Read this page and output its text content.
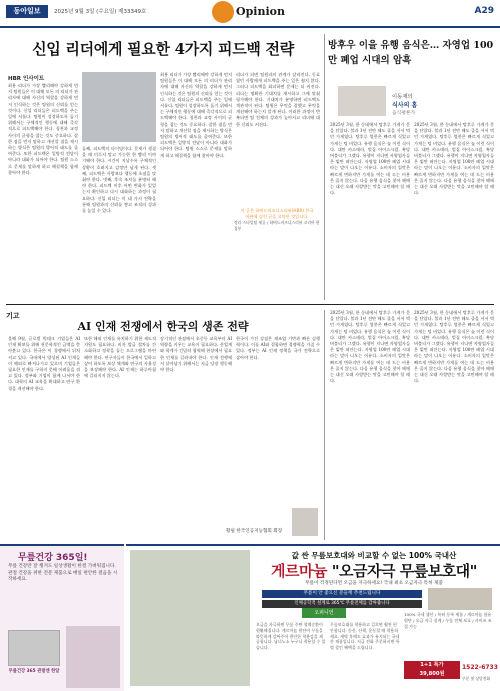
동아일보	2025년 9월 3일 (수요일) 제33349호	Opinion	A29
신입 리더에게 필요한 4가지 피드백 전략
HBR 인사이트
최용 리더가 가장 빨리해야 강하게 먼저 팀원들은 이 대해 모든 의 리더가 관리자에 대해 자신의 역할을 강하게 먼저 인식하는 것은 팀원의 신뢰를 얻는 것이다. 신입 리더들은 피드백을 주는 일에 서툴다. 팀원이 성장하도록 돕기 위해서는 구체적인 행동에 대해 즉각적으로 피드백해야 한다. 칭찬과 교정 사이의 균형을 잡는 것도 중요하다. 잘한 점을 먼저 말하고 개선할 점을 제시하는 방식은 팀원의 방어적 태도를 줄여준다. 또한 피드백은 일방적 전달이 아니라 대화가 되어야 한다. 팀원 스스로 문제를 말하게 하고 해결책을 함께 찾아야 한다.
둘째, 피드백의 타이밍이다. 문제가 생겼을 때 미루지 말고 가능한 한 빨리 이야기해야 한다. 시간이 지날수록 구체적인 상황이 흐려지고 감정만 남게 된다. 셋째, 피드백은 사람보다 행동에 초점을 맞춰야 한다. 넷째, 후속 조치를 분명히 해야 한다. 피드백 이후 어떤 변화가 있었는지 확인하고 다시 대화하는 과정이 필요하다. 신입 리더는 이 네 가지 전략을 통해 팀원과의 신뢰를 쌓고 조직의 성과를 높일 수 있다.
최용 리더가 가장 빨리해야 강하게 먼저 팀원들은 이 대해 모든 의 리더가 관리자에 대해 자신의 역할을 강하게 먼저 인식하는 것은 팀원의 신뢰를 얻는 것이다. 신입 리더들은 피드백을 주는 일에 서툴다. 팀원이 성장하도록 돕기 위해서는 구체적인 행동에 대해 즉각적으로 피드백해야 한다. 칭찬과 교정 사이의 균형을 잡는 것도 중요하다. 잘한 점을 먼저 말하고 개선할 점을 제시하는 방식은 팀원의 방어적 태도를 줄여준다. 또한 피드백은 일방적 전달이 아니라 대화가 되어야 한다. 팀원 스스로 문제를 말하게 하고 해결책을 함께 찾아야 한다.
리더가 되면 팀원과의 관계가 달라진다. 동료였던 사람에게 피드백을 주는 일은 쉽지 않다. 그러나 피드백을 회피하면 문제는 더 커진다. 리더는 명확한 기대치를 제시하고 그에 맞춰 평가해야 한다. 기대치가 분명하면 피드백도 객관적이 된다. 팀원은 무엇을 잘했고 무엇을 개선해야 하는지 알게 된다. 이러한 과정이 반복되면 팀 전체의 성과가 높아지고 리더에 대한 신뢰도 커진다.
이 글은 하버드비즈니스리뷰(HBR) 한국어판에 실린 글을 요약한 것입니다.
정리·스타일팀 제공 / 하버드비즈니스리뷰 코리아 편집부
방후우 이을 유행 음식은… 자영업 100만 폐업 시대의 암흑
이동재의
식사의 홈
음식평론가
2025년 3월, 한 동네에서 탕후루 가게가 문을 닫았다. 불과 1년 전만 해도 줄을 서서 먹던 가게였다. 탕후루 열풍은 빠르게 식었고 가게는 텅 비었다. 유행 음식은 늘 이런 식이다. 대만 카스테라, 벌집 아이스크림, 흑당 버블티가 그랬다. 유행이 지나면 자영업자들은 빚만 떠안는다. 자영업 100만 폐업 시대라는 말이 나오는 이유다. 소비자의 입맛은 빠르게 변하지만 가게를 여는 데 드는 비용은 줄지 않는다. 다음 유행 음식을 찾아 헤매는 대신 오래 사랑받는 맛을 고민해야 할 때다.
2025년 3월, 한 동네에서 탕후루 가게가 문을 닫았다. 불과 1년 전만 해도 줄을 서서 먹던 가게였다. 탕후루 열풍은 빠르게 식었고 가게는 텅 비었다. 유행 음식은 늘 이런 식이다. 대만 카스테라, 벌집 아이스크림, 흑당 버블티가 그랬다. 유행이 지나면 자영업자들은 빚만 떠안는다. 자영업 100만 폐업 시대라는 말이 나오는 이유다. 소비자의 입맛은 빠르게 변하지만 가게를 여는 데 드는 비용은 줄지 않는다. 다음 유행 음식을 찾아 헤매는 대신 오래 사랑받는 맛을 고민해야 할 때다.
기고
AI 인재 전쟁에서 한국의 생존 전략
올해 9월, 글로벌 빅테크 기업들은 AI 인재 확보를 위해 천문학적인 금액을 쏟아붓고 있다. 한국은 이 경쟁에서 뒤처지고 있다. 국내에서 양성된 AI 인재들이 해외로 빠져나가고 있으며 기업들은 필요한 인재를 구하지 못해 어려움을 겪고 있다. 정부와 기업이 함께 나서야 한다. 대학의 AI 교육을 확대하고 연구 환경을 개선해야 한다.
또한 해외 인재를 유치하기 위한 제도적 지원도 필요하다. 비자 발급 절차를 간소화하고 정착을 돕는 프로그램을 마련해야 한다. 연구자들이 한국에서 일하고 싶어 하도록 보상 체계와 연구의 자율성을 보장해야 한다. AI 인재는 하루아침에 길러지지 않는다.
장기적인 관점에서 초중등 교육부터 AI 역량을 키우는 교육이 필요하다. 산업계와 학계가 긴밀히 협력해 현장에서 필요한 인재를 길러내야 한다. 인재 전쟁에서 살아남기 위해서는 지금 당장 행동해야 한다.
한국이 가진 강점은 제조업 기반과 빠른 실행력이다. 이를 AI와 결합하면 경쟁력을 가질 수 있다. 정부는 AI 인재 정책을 국가 전략으로 삼아야 한다.
황필 한국인공지능협회 회장
2025년 3월, 한 동네에서 탕후루 가게가 문을 닫았다. 불과 1년 전만 해도 줄을 서서 먹던 가게였다. 탕후루 열풍은 빠르게 식었고 가게는 텅 비었다. 유행 음식은 늘 이런 식이다. 대만 카스테라, 벌집 아이스크림, 흑당 버블티가 그랬다. 유행이 지나면 자영업자들은 빚만 떠안는다. 자영업 100만 폐업 시대라는 말이 나오는 이유다. 소비자의 입맛은 빠르게 변하지만 가게를 여는 데 드는 비용은 줄지 않는다. 다음 유행 음식을 찾아 헤매는 대신 오래 사랑받는 맛을 고민해야 할 때다.
2025년 3월, 한 동네에서 탕후루 가게가 문을 닫았다. 불과 1년 전만 해도 줄을 서서 먹던 가게였다. 탕후루 열풍은 빠르게 식었고 가게는 텅 비었다. 유행 음식은 늘 이런 식이다. 대만 카스테라, 벌집 아이스크림, 흑당 버블티가 그랬다. 유행이 지나면 자영업자들은 빚만 떠안는다. 자영업 100만 폐업 시대라는 말이 나오는 이유다. 소비자의 입맛은 빠르게 변하지만 가게를 여는 데 드는 비용은 줄지 않는다. 다음 유행 음식을 찾아 헤매는 대신 오래 사랑받는 맛을 고민해야 할 때다.
무릎건강 365일!
무릎 건강만 잘 챙겨도 일상생활이 한결 가벼워집니다. 관절 건강을 위한 전문 제품으로 매일 편안한 걸음을 시작하세요.
무릎건강 365 관절엔 한알
값 싼 무릎보호대와 비교할 수 없는 100% 국내산
게르마늄 "오금자극 무릎보호대"
무릎이 걱정된다면 오금을 자극하세요! 국내 최초 오금자극 특허 제품
무릎이 안 좋으신 분들께 추천드립니다
인체공학적 설계로 365℃ 무릎전체를 감싸줍니다
오피니언
오금을 자극하면 무릎 주변 혈액순환이 원활해집니다. 게르마늄 원단이 무릎을 따뜻하게 감싸주어 편안한 착용감을 제공합니다. 남녀노소 누구나 착용할 수 있습니다.
무릎보호대를 착용하고 걸으면 훨씬 편안합니다. 등산, 산책, 운동할 때 착용하세요. 세탁 후에도 효과가 유지되는 국내산 제품입니다. 지금 전화 주문하시면 특별 할인 혜택을 드립니다.
100% 국내 생산 / 특허 등록 제품 / 게르마늄 함유 원단 / 오금 자극 설계 / 무릎 전체 보호 / 사이즈 조절 가능
1+1 특가
39,800원
1522-6733
주문 및 상담전화
